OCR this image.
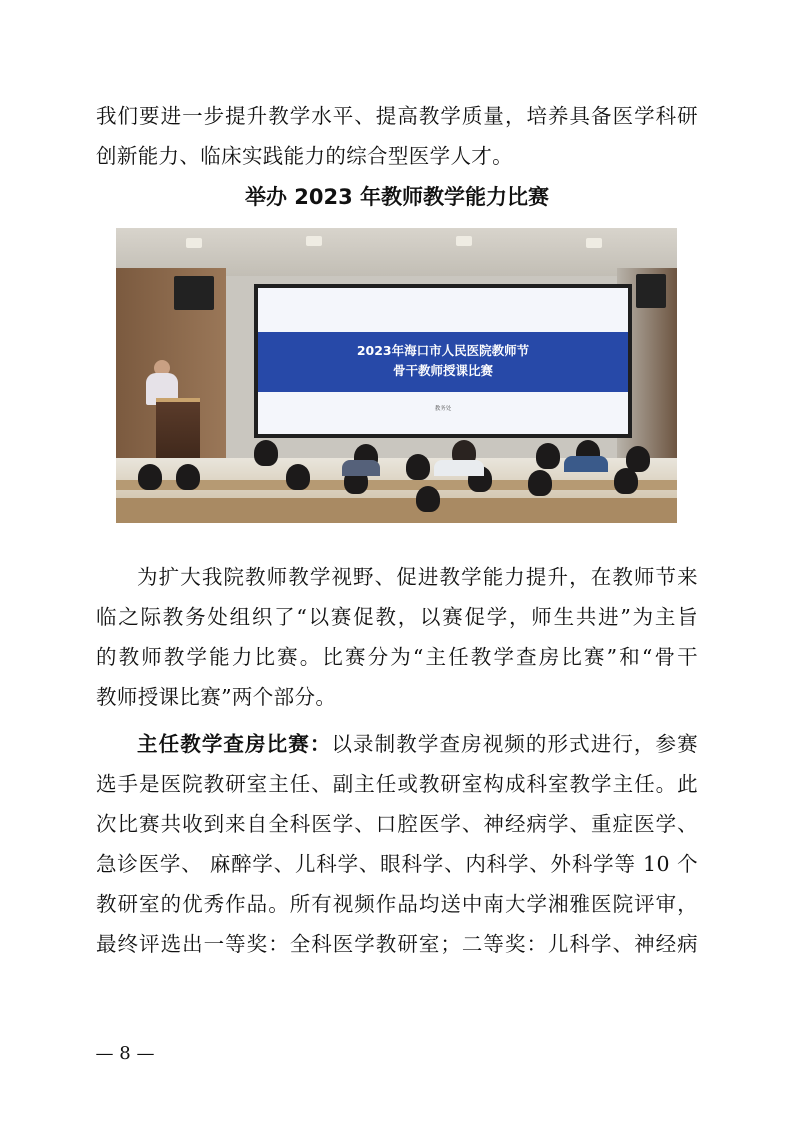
我们要进一步提升教学水平、提高教学质量，培养具备医学科研
创新能力、临床实践能力的综合型医学人才。
举办 2023 年教师教学能力比赛
2023年海口市人民医院教师节
骨干教师授课比赛
教务处
为扩大我院教师教学视野、促进教学能力提升，在教师节来
临之际教务处组织了“以赛促教，以赛促学，师生共进”为主旨
的教师教学能力比赛。比赛分为“主任教学查房比赛”和“骨干
教师授课比赛”两个部分。
主任教学查房比赛：以录制教学查房视频的形式进行，参赛
选手是医院教研室主任、副主任或教研室构成科室教学主任。此
次比赛共收到来自全科医学、口腔医学、神经病学、重症医学、
急诊医学、 麻醉学、儿科学、眼科学、内科学、外科学等 10 个
教研室的优秀作品。所有视频作品均送中南大学湘雅医院评审，
最终评选出一等奖：全科医学教研室；二等奖：儿科学、神经病
— 8 —
